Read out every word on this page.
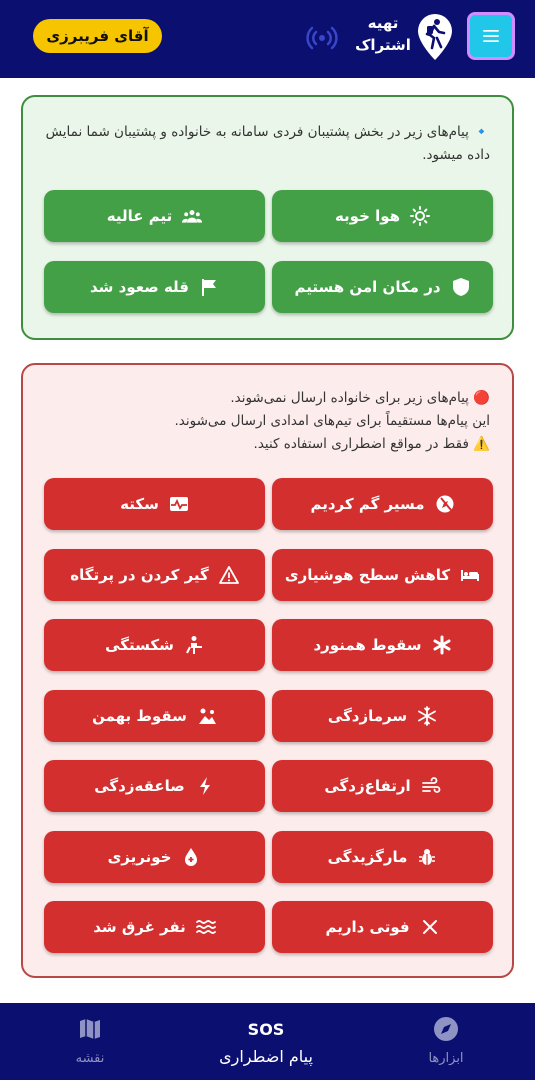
آقای فریبرزی
تهیه
اشتراک
🔹 پیام‌های زیر در بخش پشتیبان فردی سامانه به خانواده و پشتیبان شما نمایش داده میشود.
هوا خوبه
تیم عالیه
در مکان امن هستیم
قله صعود شد
🔴 پیام‌های زیر برای خانواده ارسال نمی‌شوند.
این پیام‌ها مستقیماً برای تیم‌های امدادی ارسال می‌شوند.
⚠️ فقط در مواقع اضطراری استفاده کنید.
مسیر گم کردیم
سکته
کاهش سطح هوشیاری
گیر کردن در پرتگاه
سقوط همنورد
شکستگی
سرمازدگی
سقوط بهمن
ارتفاع‌زدگی
صاعقه‌زدگی
مارگزیدگی
خونریزی
فوتی داریم
نفر غرق شد
نقشه
SOS
پیام اضطراری	ابزارها
